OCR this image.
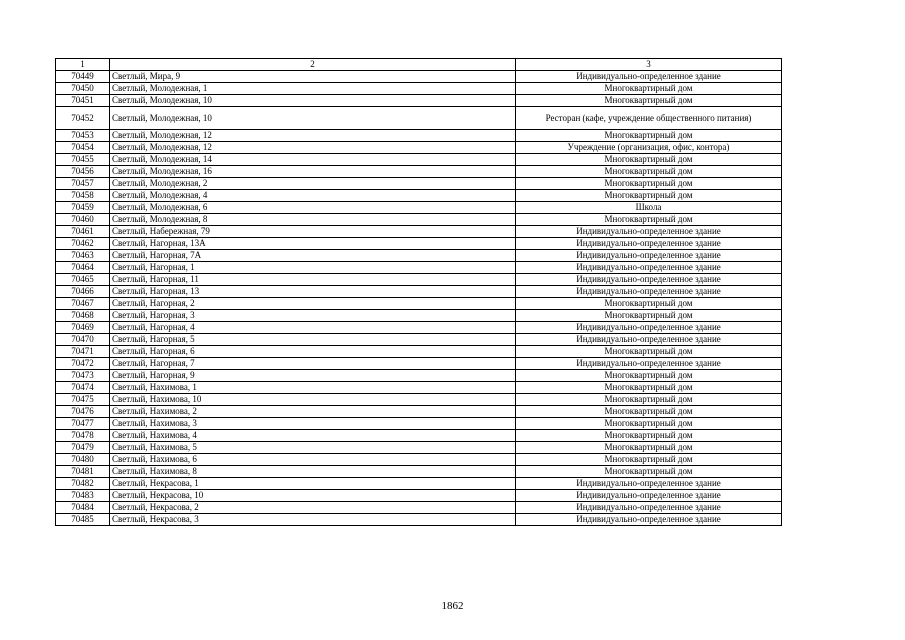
1	2	3
70449	Светлый, Мира, 9	Индивидуально-определенное здание
70450	Светлый, Молодежная, 1	Многоквартирный дом
70451	Светлый, Молодежная, 10	Многоквартирный дом
70452	Светлый, Молодежная, 10	Ресторан (кафе, учреждение общественного питания)
70453	Светлый, Молодежная, 12	Многоквартирный дом
70454	Светлый, Молодежная, 12	Учреждение (организация, офис, контора)
70455	Светлый, Молодежная, 14	Многоквартирный дом
70456	Светлый, Молодежная, 16	Многоквартирный дом
70457	Светлый, Молодежная, 2	Многоквартирный дом
70458	Светлый, Молодежная, 4	Многоквартирный дом
70459	Светлый, Молодежная, 6	Школа
70460	Светлый, Молодежная, 8	Многоквартирный дом
70461	Светлый, Набережная, 79	Индивидуально-определенное здание
70462	Светлый, Нагорная, 13А	Индивидуально-определенное здание
70463	Светлый, Нагорная, 7А	Индивидуально-определенное здание
70464	Светлый, Нагорная, 1	Индивидуально-определенное здание
70465	Светлый, Нагорная, 11	Индивидуально-определенное здание
70466	Светлый, Нагорная, 13	Индивидуально-определенное здание
70467	Светлый, Нагорная, 2	Многоквартирный дом
70468	Светлый, Нагорная, 3	Многоквартирный дом
70469	Светлый, Нагорная, 4	Индивидуально-определенное здание
70470	Светлый, Нагорная, 5	Индивидуально-определенное здание
70471	Светлый, Нагорная, 6	Многоквартирный дом
70472	Светлый, Нагорная, 7	Индивидуально-определенное здание
70473	Светлый, Нагорная, 9	Многоквартирный дом
70474	Светлый, Нахимова, 1	Многоквартирный дом
70475	Светлый, Нахимова, 10	Многоквартирный дом
70476	Светлый, Нахимова, 2	Многоквартирный дом
70477	Светлый, Нахимова, 3	Многоквартирный дом
70478	Светлый, Нахимова, 4	Многоквартирный дом
70479	Светлый, Нахимова, 5	Многоквартирный дом
70480	Светлый, Нахимова, 6	Многоквартирный дом
70481	Светлый, Нахимова, 8	Многоквартирный дом
70482	Светлый, Некрасова, 1	Индивидуально-определенное здание
70483	Светлый, Некрасова, 10	Индивидуально-определенное здание
70484	Светлый, Некрасова, 2	Индивидуально-определенное здание
70485	Светлый, Некрасова, 3	Индивидуально-определенное здание
1862
